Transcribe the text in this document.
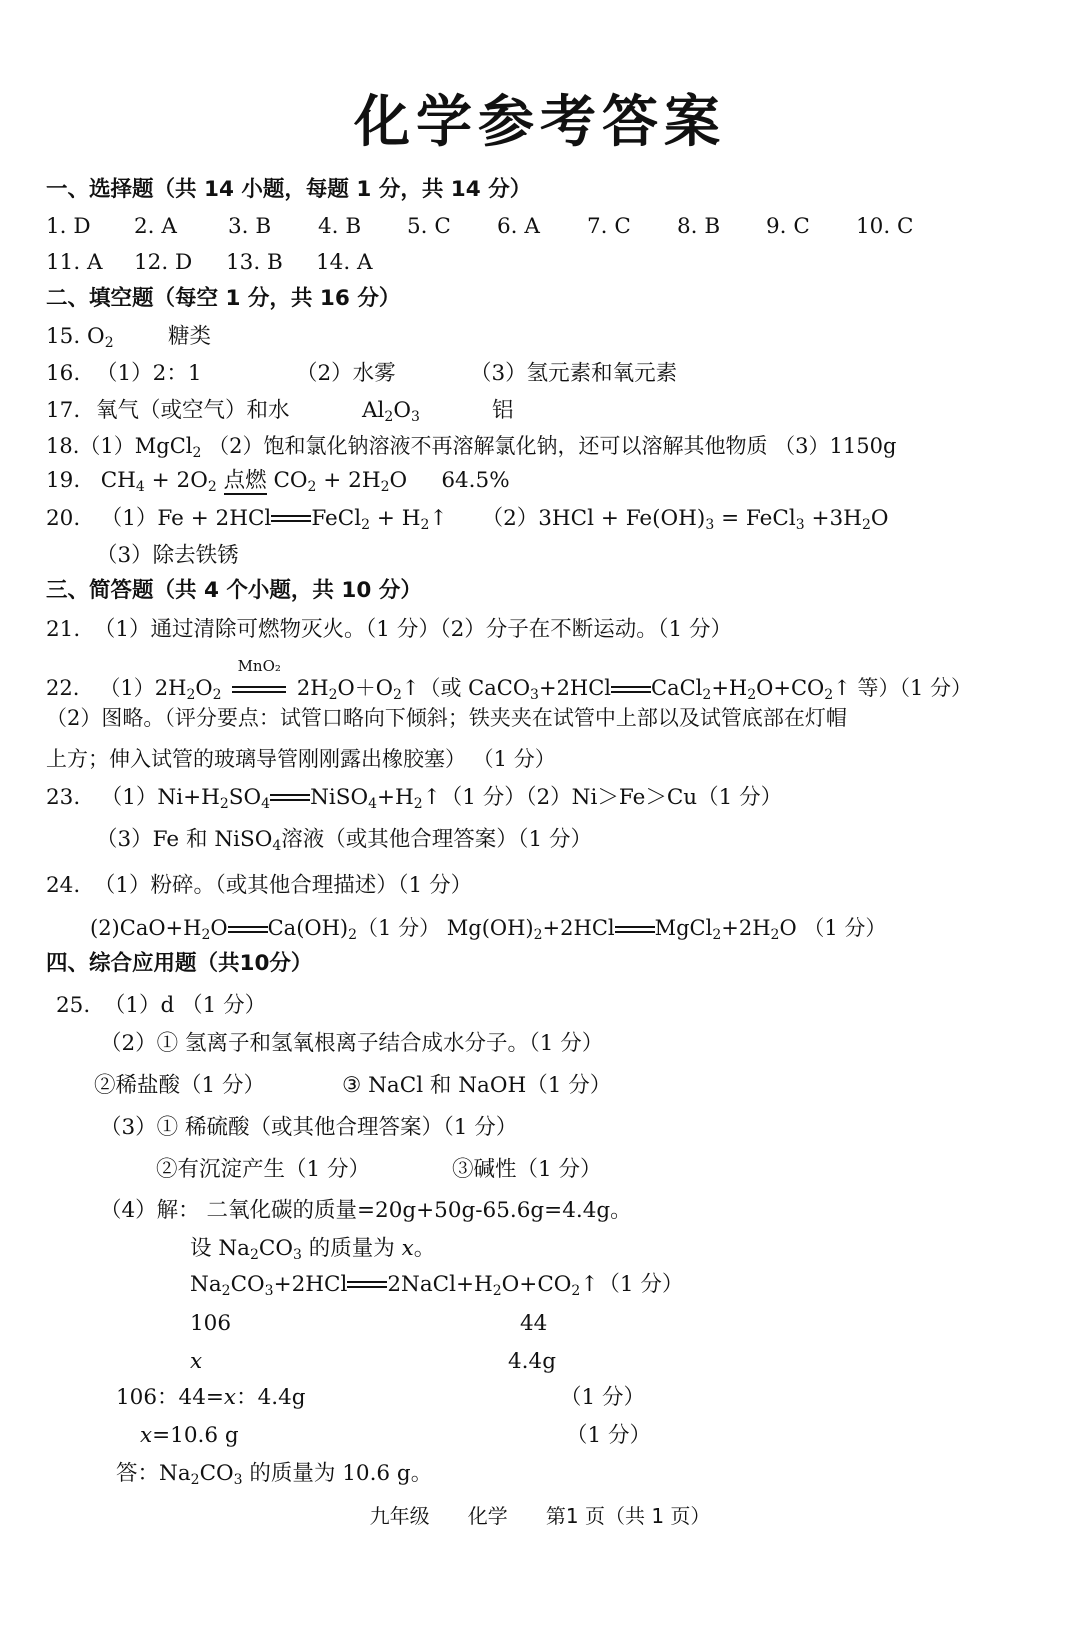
化学参考答案
一、选择题（共 14 小题，每题 1 分，共 14 分）
1. D 2. A 3. B 4. B 5. C 6. A 7. C 8. B 9. C 10. C
11. A 12. D 13. B 14. A
二、填空题（每空 1 分，共 16 分）
15. $O_2$	糖类
16. （1）2：1	（2）水雾	（3）氢元素和氧元素
17. 氧气（或空气）和水	$Al_2O_3$	铝
18.（1）MgCl$_2$ （2）饱和氯化钠溶液不再溶解氯化钠，还可以溶解其他物质 （3）1150g
19. $CH_4 + 2O_2$ 点燃 $CO_2 + 2H_2O$ 64.5%
20. （1）Fe + 2HCl FeCl$_2$ + $H_2↑$ $(2)3HCl + Fe(OH)_3$ = FeCl$_3$ $+3H_2O$
（3）除去铁锈
三、简答题（共 4 个小题，共 10 分）
21. （1）通过清除可燃物灭火。（1 分）（2）分子在不断运动。（1 分）
22. $(1)2H_2O_2$
MnO₂
$2H_2O+O_2↑$（或 CaCO$_3$+2HCl $CaCl_2+H_2O+CO_2↑$ 等）（1 分）
（2）图略。（评分要点：试管口略向下倾斜；铁夹夹在试管中上部以及试管底部在灯帽
上方；伸入试管的玻璃导管刚刚露出橡胶塞） （1 分）
23. $(1)Ni+H_2SO_4$ $NiSO_4+H_2↑(1$ 分）（2）Ni＞Fe＞Cu（1 分）
（3）Fe 和 NiSO$_4$溶液（或其他合理答案）（1 分）
24. （1）粉碎。（或其他合理描述）（1 分）
$(2)CaO+H_2O$ $Ca(OH)_2(1$ 分） $Mg(OH)_2+2HCl$ $MgCl_2+2H_2O$ （1 分）
四、综合应用题（共10分）
25. （1）d （1 分）
（2）① 氢离子和氢氧根离子结合成水分子。（1 分）
②稀盐酸（1 分）	③ NaCl 和 NaOH（1 分）
（3）① 稀硫酸（或其他合理答案）（1 分）
②有沉淀产生（1 分）	③碱性（1 分）
（4）解： 二氧化碳的质量=20g+50g-65.6g=4.4g。
设 $Na_2CO_3$ 的质量为 x。
$Na_2CO_3+2HCl$ $2NaCl+H_2O+CO_2↑(1$ 分）
106	44
x	4.4g
106：44=x：4.4g	（1 分）
x=10.6 g	（1 分）
答：$Na_2CO_3$ 的质量为 10.6 g。
九年级 化学 第1 页（共 1 页）
